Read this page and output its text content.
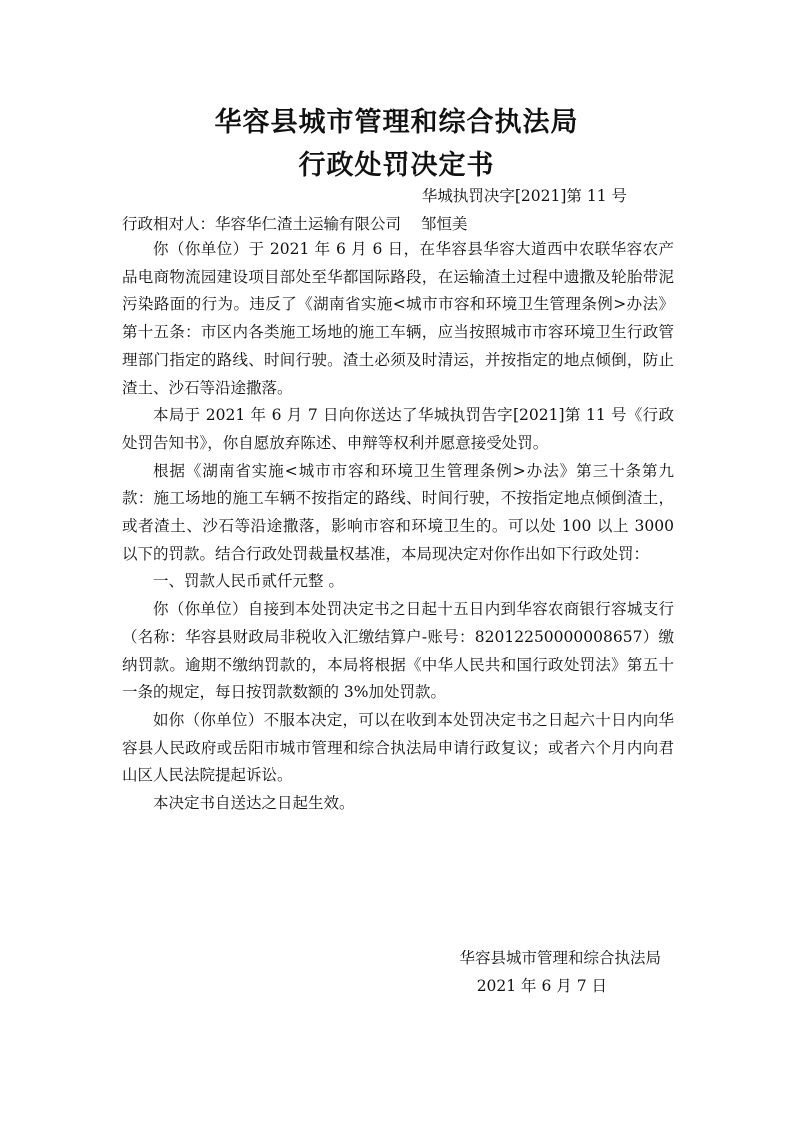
华容县城市管理和综合执法局
行政处罚决定书
华城执罚决字[2021]第 11 号
行政相对人：华容华仁渣土运输有限公司 邹恒美

你（你单位）于 2021 年 6 月 6 日，在华容县华容大道西中农联华容农产品电商物流园建设项目部处至华都国际路段，在运输渣土过程中遗撒及轮胎带泥污染路面的行为。违反了《湖南省实施<城市市容和环境卫生管理条例>办法》第十五条：市区内各类施工场地的施工车辆，应当按照城市市容环境卫生行政管理部门指定的路线、时间行驶。渣土必须及时清运，并按指定的地点倾倒，防止渣土、沙石等沿途撒落。

本局于 2021 年 6 月 7 日向你送达了华城执罚告字[2021]第 11 号《行政处罚告知书》，你自愿放弃陈述、申辩等权利并愿意接受处罚。

根据《湖南省实施<城市市容和环境卫生管理条例>办法》第三十条第九款：施工场地的施工车辆不按指定的路线、时间行驶，不按指定地点倾倒渣土，或者渣土、沙石等沿途撒落，影响市容和环境卫生的。可以处 100 以上 3000 以下的罚款。结合行政处罚裁量权基准，本局现决定对你作出如下行政处罚：

一、罚款人民币贰仟元整 。

你（你单位）自接到本处罚决定书之日起十五日内到华容农商银行容城支行（名称：华容县财政局非税收入汇缴结算户-账号：82012250000008657）缴纳罚款。逾期不缴纳罚款的，本局将根据《中华人民共和国行政处罚法》第五十一条的规定，每日按罚款数额的 3%加处罚款。

如你（你单位）不服本决定，可以在收到本处罚决定书之日起六十日内向华容县人民政府或岳阳市城市管理和综合执法局申请行政复议；或者六个月内向君山区人民法院提起诉讼。

本决定书自送达之日起生效。

华容县城市管理和综合执法局
2021 年 6 月 7 日
